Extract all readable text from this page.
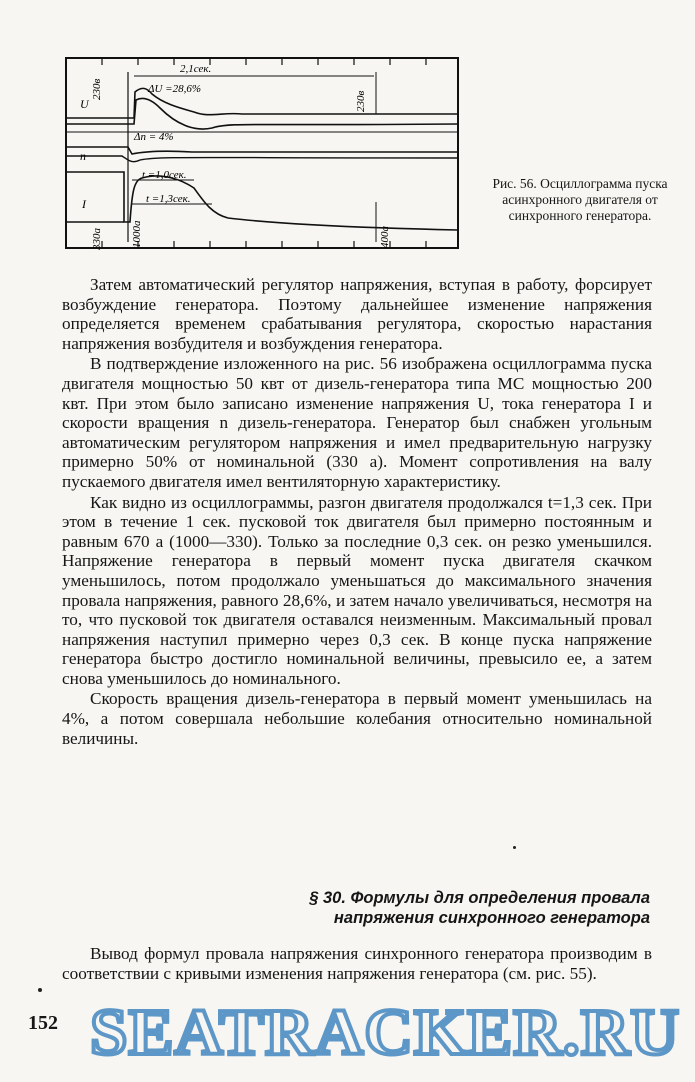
230в
230в
U
n
I
2,1сек.
ΔU =28,6%
Δn = 4%
t =1,0сек.
t =1,3сек.
330а	1000а	400а
Рис. 56. Осциллограмма пуска асинхронного двигателя от синхронного генератора.

Затем автоматический регулятор напряжения, вступая в работу, форсирует возбуждение генератора. Поэтому дальнейшее изменение напряжения определяется временем срабатывания регулятора, скоростью нарастания напряжения возбудителя и возбуждения генератора.

В подтверждение изложенного на рис. 56 изображена осциллограмма пуска двигателя мощностью 50 квт от дизель-генератора типа МС мощностью 200 квт. При этом было записано изменение напряжения U, тока генератора I и скорости вращения n дизель-генератора. Генератор был снабжен угольным автоматическим регулятором напряжения и имел предварительную нагрузку примерно 50% от номинальной (330 а). Момент сопротивления на валу пускаемого двигателя имел вентиляторную характеристику.

Как видно из осциллограммы, разгон двигателя продолжался t=1,3 сек. При этом в течение 1 сек. пусковой ток двигателя был примерно постоянным и равным 670 а (1000—330). Только за последние 0,3 сек. он резко уменьшился. Напряжение генератора в первый момент пуска двигателя скачком уменьшилось, потом продолжало уменьшаться до максимального значения провала напряжения, равного 28,6%, и затем начало увеличиваться, несмотря на то, что пусковой ток двигателя оставался неизменным. Максимальный провал напряжения наступил примерно через 0,3 сек. В конце пуска напряжение генератора быстро достигло номинальной величины, превысило ее, а затем снова уменьшилось до номинального.

Скорость вращения дизель-генератора в первый момент уменьшилась на 4%, а потом совершала небольшие колебания относительно номинальной величины.

§ 30. Формулы для определения провала
напряжения синхронного генератора

Вывод формул провала напряжения синхронного генератора производим в соответствии с кривыми изменения напряжения генератора (см. рис. 55).

152 SEATRACKER.RU
